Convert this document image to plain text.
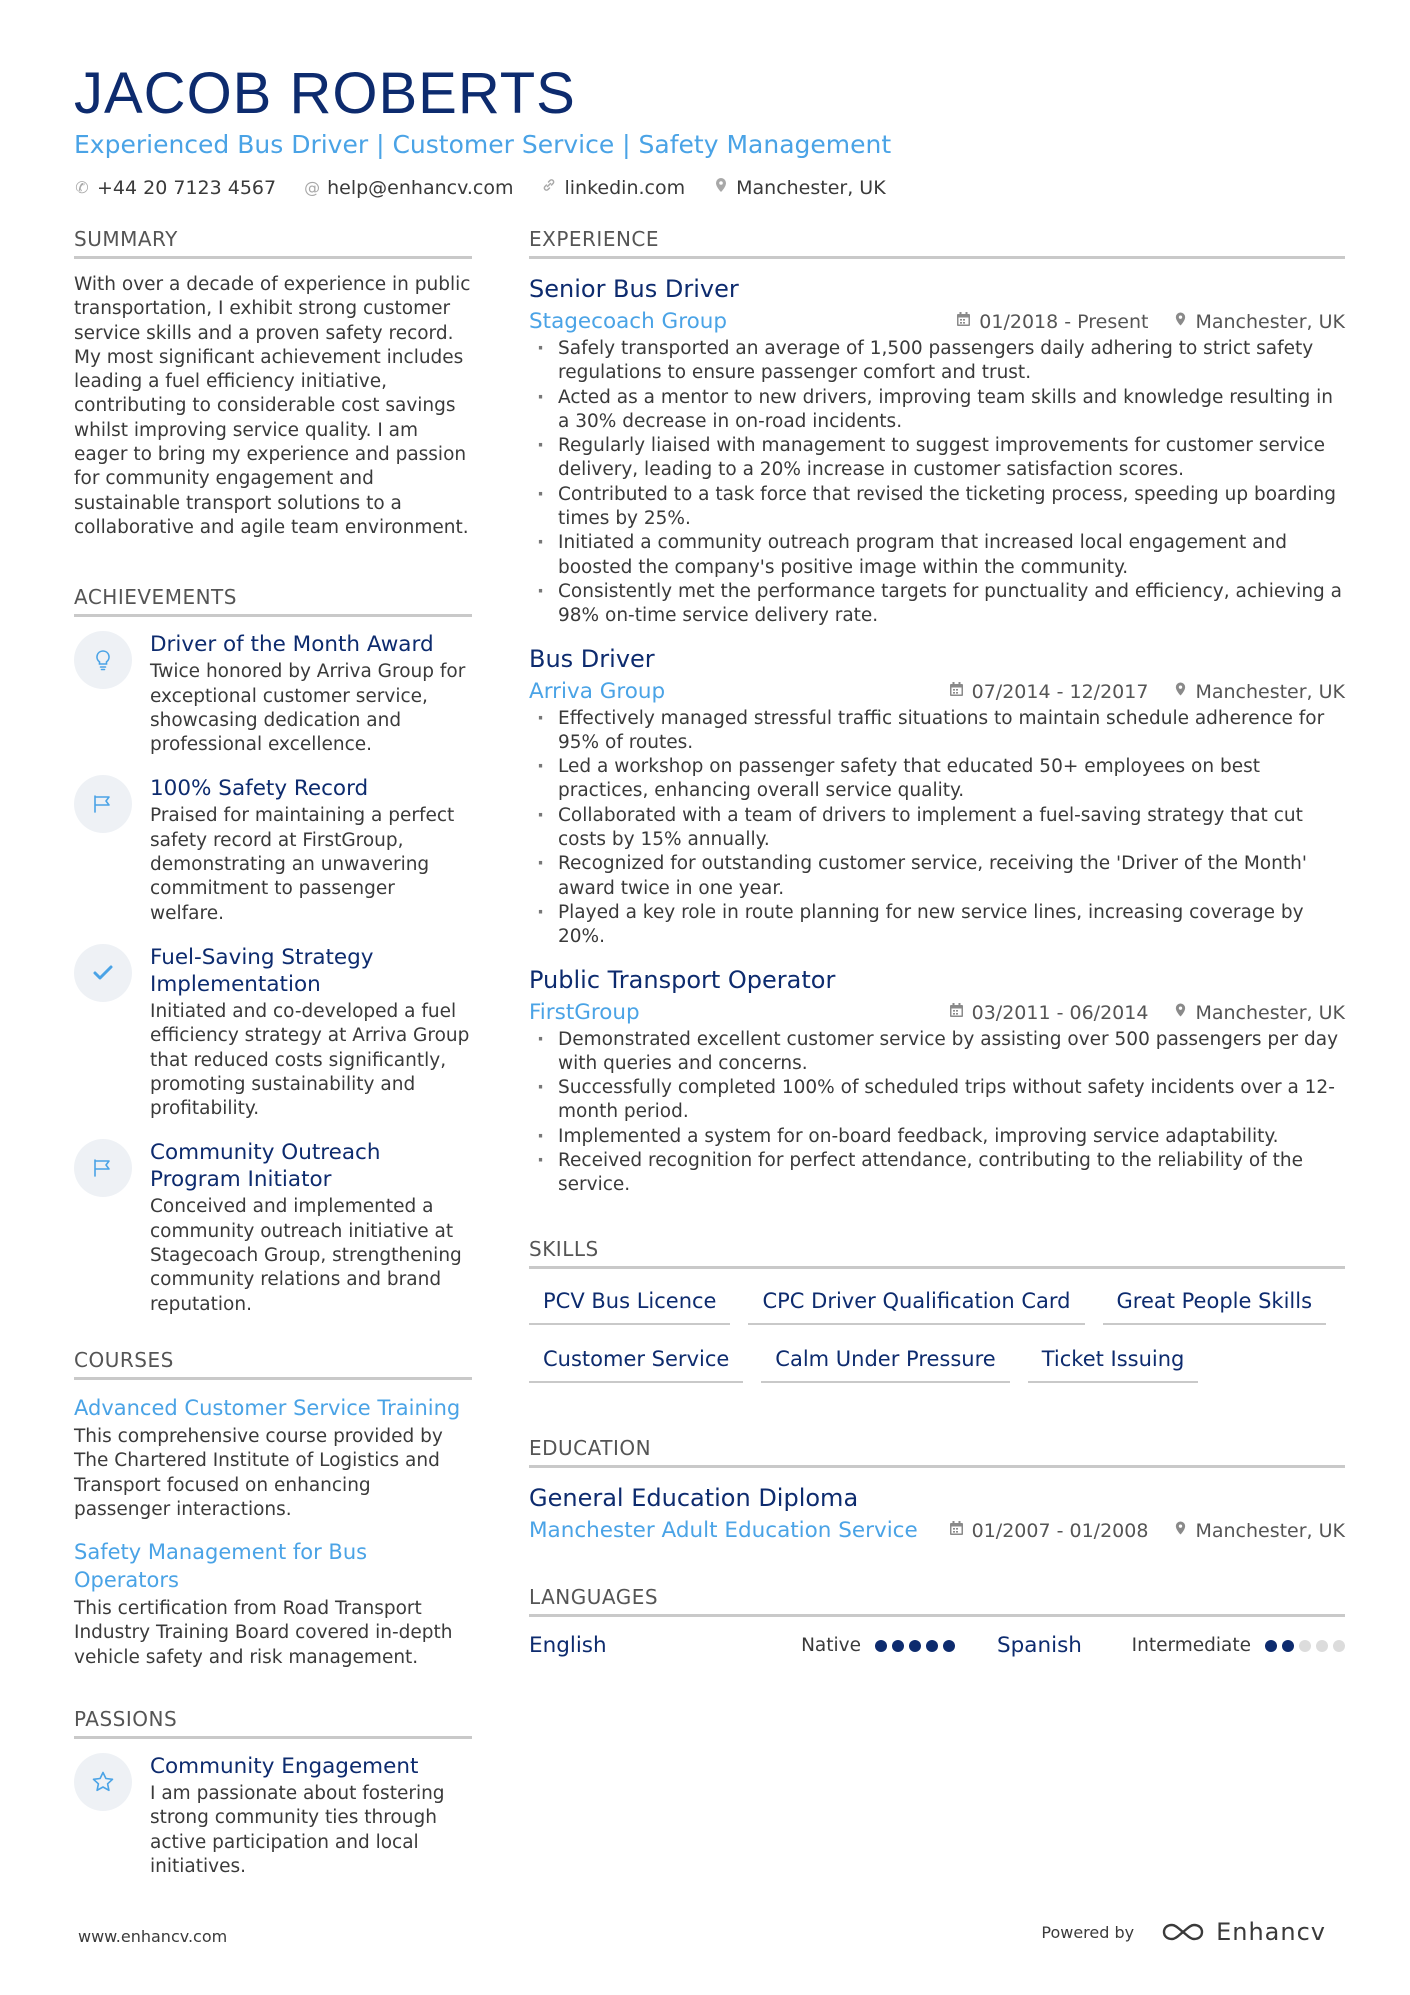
JACOB ROBERTS
Experienced Bus Driver | Customer Service | Safety Management
✆ +44 20 7123 4567 @ help@enhancv.com	linkedin.com	Manchester, UK
SUMMARY
With over a decade of experience in public transportation, I exhibit strong customer service skills and a proven safety record. My most significant achievement includes leading a fuel efficiency initiative, contributing to considerable cost savings whilst improving service quality. I am eager to bring my experience and passion for community engagement and sustainable transport solutions to a collaborative and agile team environment.
ACHIEVEMENTS
Driver of the Month Award
Twice honored by Arriva Group for exceptional customer service, showcasing dedication and professional excellence.
100% Safety Record
Praised for maintaining a perfect safety record at FirstGroup, demonstrating an unwavering commitment to passenger welfare.
Fuel-Saving Strategy Implementation
Initiated and co-developed a fuel efficiency strategy at Arriva Group that reduced costs significantly, promoting sustainability and profitability.
Community Outreach Program Initiator
Conceived and implemented a community outreach initiative at Stagecoach Group, strengthening community relations and brand reputation.
COURSES
Advanced Customer Service Training
This comprehensive course provided by The Chartered Institute of Logistics and Transport focused on enhancing passenger interactions.
Safety Management for Bus Operators
This certification from Road Transport Industry Training Board covered in-depth vehicle safety and risk management.
PASSIONS
Community Engagement
I am passionate about fostering strong community ties through active participation and local initiatives.
EXPERIENCE
Senior Bus Driver
Stagecoach Group	01/2018 - Present Manchester, UK
· Safely transported an average of 1,500 passengers daily adhering to strict safety regulations to ensure passenger comfort and trust.
· Acted as a mentor to new drivers, improving team skills and knowledge resulting in a 30% decrease in on-road incidents.
· Regularly liaised with management to suggest improvements for customer service delivery, leading to a 20% increase in customer satisfaction scores.
· Contributed to a task force that revised the ticketing process, speeding up boarding times by 25%.
· Initiated a community outreach program that increased local engagement and boosted the company's positive image within the community.
· Consistently met the performance targets for punctuality and efficiency, achieving a 98% on-time service delivery rate.
Bus Driver
Arriva Group	07/2014 - 12/2017 Manchester, UK
· Effectively managed stressful traffic situations to maintain schedule adherence for 95% of routes.
· Led a workshop on passenger safety that educated 50+ employees on best practices, enhancing overall service quality.
· Collaborated with a team of drivers to implement a fuel-saving strategy that cut costs by 15% annually.
· Recognized for outstanding customer service, receiving the 'Driver of the Month' award twice in one year.
· Played a key role in route planning for new service lines, increasing coverage by 20%.
Public Transport Operator
FirstGroup	03/2011 - 06/2014 Manchester, UK
· Demonstrated excellent customer service by assisting over 500 passengers per day with queries and concerns.
· Successfully completed 100% of scheduled trips without safety incidents over a 12-month period.
· Implemented a system for on-board feedback, improving service adaptability.
· Received recognition for perfect attendance, contributing to the reliability of the service.
SKILLS
PCV Bus Licence	CPC Driver Qualification Card	Great People Skills
Customer Service	Calm Under Pressure	Ticket Issuing
EDUCATION
General Education Diploma
Manchester Adult Education Service	01/2007 - 01/2008 Manchester, UK
LANGUAGES
English	Native	Spanish	Intermediate
www.enhancv.com	Powered by	Enhancv
